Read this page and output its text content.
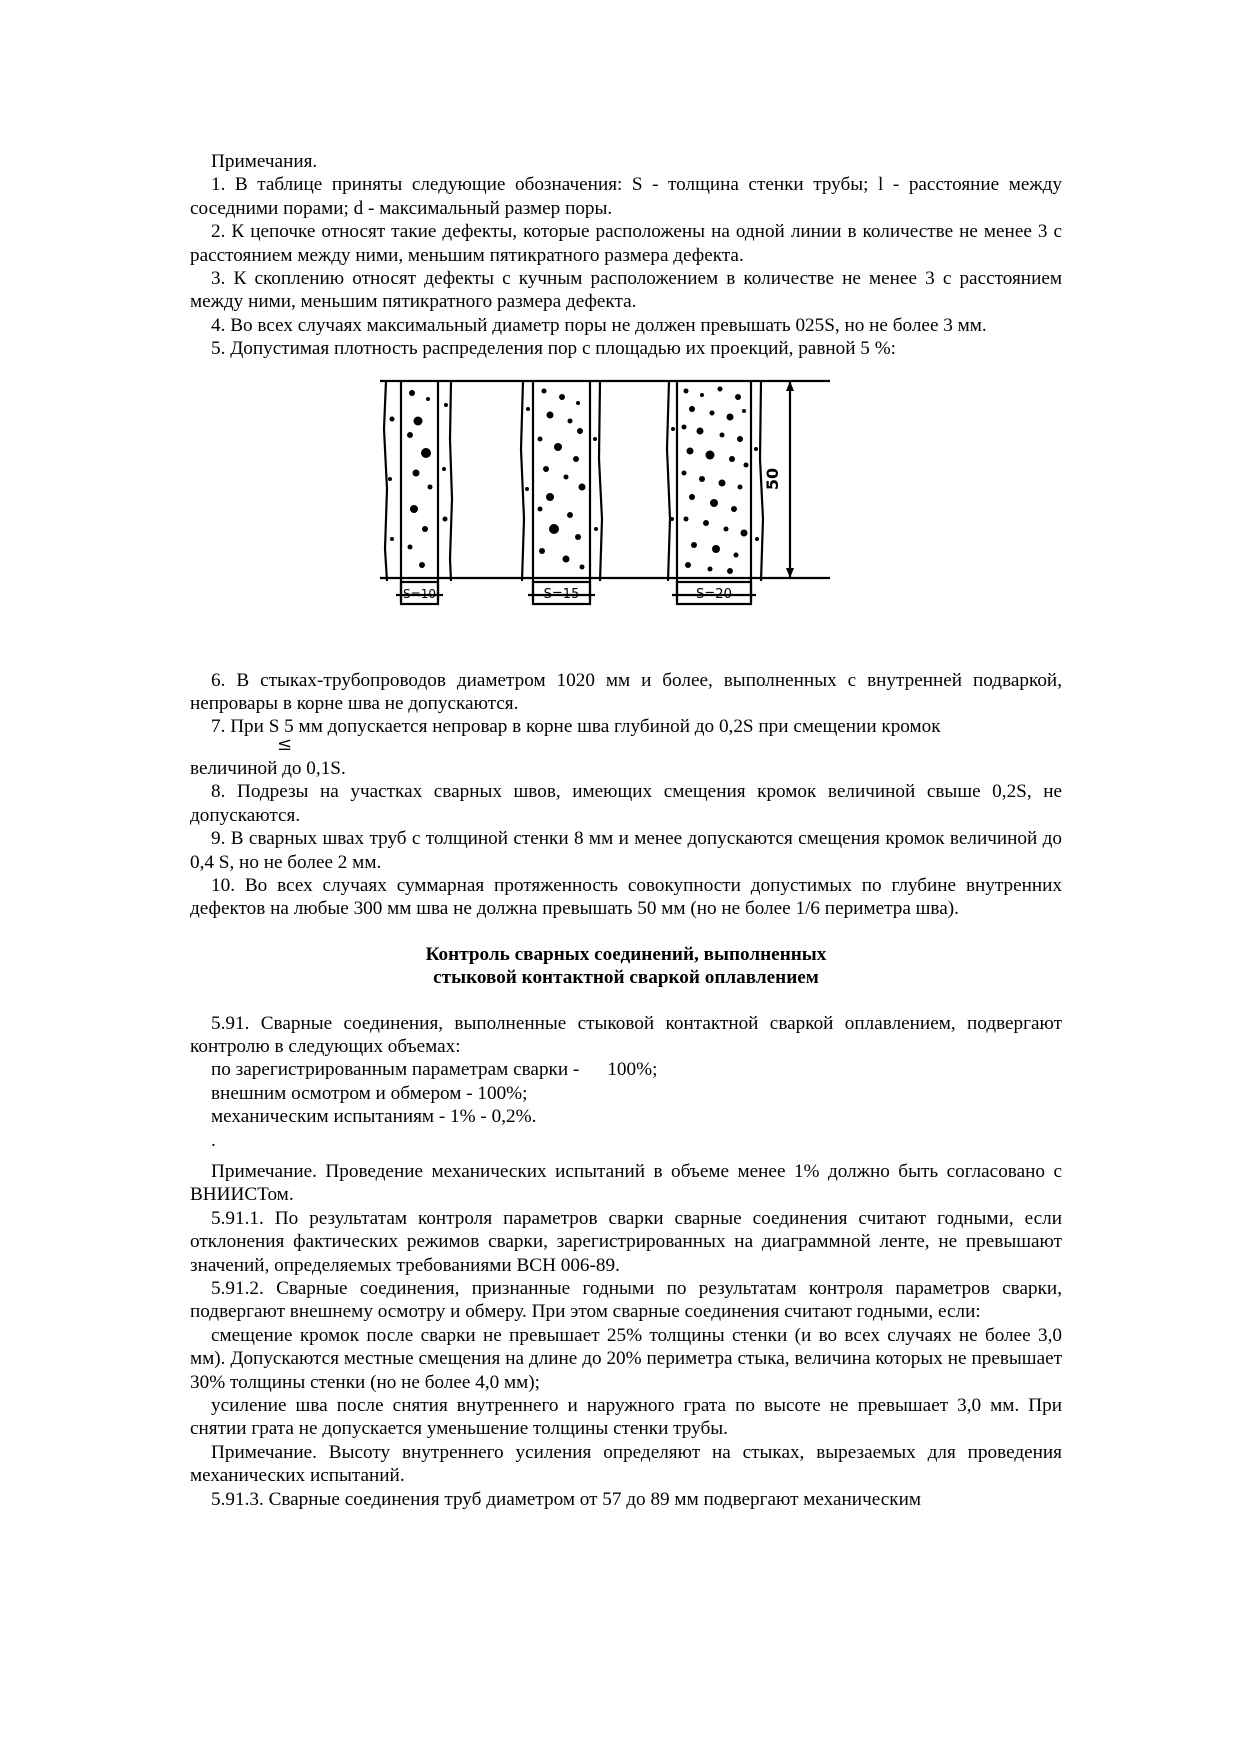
Примечания.

1. В таблице приняты следующие обозначения: S - толщина стенки трубы; l - расстояние между соседними порами; d - максимальный размер поры.

2. К цепочке относят такие дефекты, которые расположены на одной линии в количестве не менее 3 с расстоянием между ними, меньшим пятикратного размера дефекта.

3. К скоплению относят дефекты с кучным расположением в количестве не менее 3 с расстоянием между ними, меньшим пятикратного размера дефекта.

4. Во всех случаях максимальный диаметр поры не должен превышать 025S, но не более 3 мм.

5. Допустимая плотность распределения пор с площадью их проекций, равной 5 %:

S=10	S=15	S=20
50

6. В стыках-трубопроводов диаметром 1020 мм и более, выполненных с внутренней подваркой, непровары в корне шва не допускаются.

7. При S 5 мм допускается непровар в корне шва глубиной до 0,2S при смещении кромок

≤

величиной до 0,1S.

8. Подрезы на участках сварных швов, имеющих смещения кромок величиной свыше 0,2S, не допускаются.

9. В сварных швах труб с толщиной стенки 8 мм и менее допускаются смещения кромок величиной до 0,4 S, но не более 2 мм.

10. Во всех случаях суммарная протяженность совокупности допустимых по глубине внутренних дефектов на любые 300 мм шва не должна превышать 50 мм (но не более 1/6 периметра шва).

Контроль сварных соединений, выполненных
стыковой контактной сваркой оплавлением

5.91. Сварные соединения, выполненные стыковой контактной сваркой оплавлением, подвергают контролю в следующих объемах:

по зарегистрированным параметрам сварки - 100%;

внешним осмотром и обмером - 100%;

механическим испытаниям - 1% - 0,2%.

.

Примечание. Проведение механических испытаний в объеме менее 1% должно быть согласовано с ВНИИСТом.

5.91.1. По результатам контроля параметров сварки сварные соединения считают годными, если отклонения фактических режимов сварки, зарегистрированных на диаграммной ленте, не превышают значений, определяемых требованиями ВСН 006-89.

5.91.2. Сварные соединения, признанные годными по результатам контроля параметров сварки, подвергают внешнему осмотру и обмеру. При этом сварные соединения считают годными, если:

смещение кромок после сварки не превышает 25% толщины стенки (и во всех случаях не более 3,0 мм). Допускаются местные смещения на длине до 20% периметра стыка, величина которых не превышает 30% толщины стенки (но не более 4,0 мм);

усиление шва после снятия внутреннего и наружного грата по высоте не превышает 3,0 мм. При снятии грата не допускается уменьшение толщины стенки трубы.

Примечание. Высоту внутреннего усиления определяют на стыках, вырезаемых для проведения механических испытаний.

5.91.3. Сварные соединения труб диаметром от 57 до 89 мм подвергают механическим
